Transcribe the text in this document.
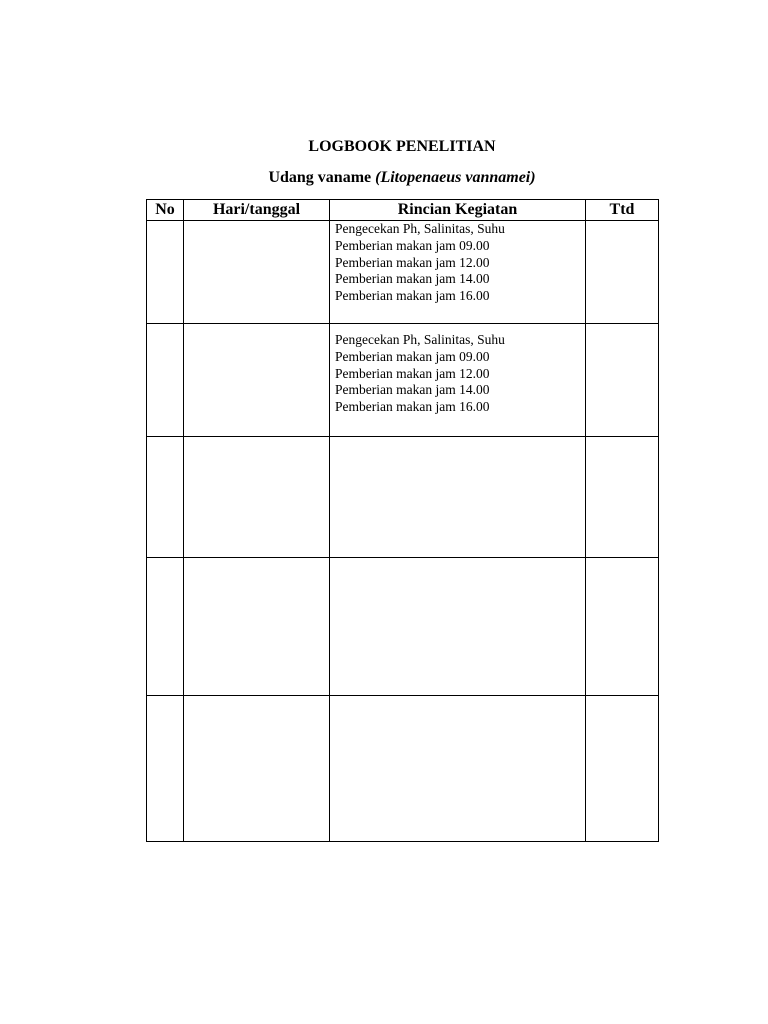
LOGBOOK PENELITIAN
Udang vaname (Litopenaeus vannamei)
No	Hari/tanggal	Rincian Kegiatan	Ttd

		Pengecekan Ph, Salinitas, Suhu
Pemberian makan jam 09.00
Pemberian makan jam 12.00
Pemberian makan jam 14.00
Pemberian makan jam 16.00	

		Pengecekan Ph, Salinitas, Suhu
Pemberian makan jam 09.00
Pemberian makan jam 12.00
Pemberian makan jam 14.00
Pemberian makan jam 16.00	
